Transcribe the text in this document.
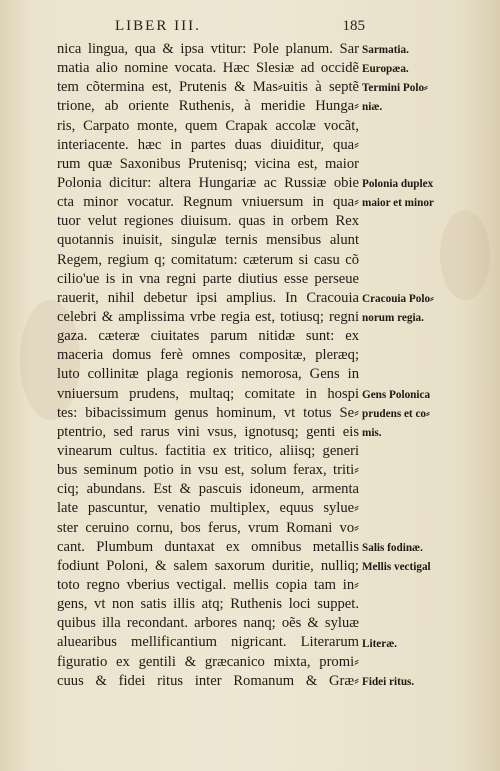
LIBER III.	185
nica lingua, qua & ipsa vtitur: Pole planum. Sar
matia alio nomine vocata. Hæc Slesiæ ad occidẽ
tem cõtermina est, Prutenis & Mas⸗uitis à septẽ
trione, ab oriente Ruthenis, à meridie Hunga⸗
ris, Carpato monte, quem Crapak accolæ vocãt,
interiacente. hæc in partes duas diuiditur, qua⸗
rum quæ Saxonibus Prutenisq; vicina est, maior
Polonia dicitur: altera Hungariæ ac Russiæ obie
cta minor vocatur. Regnum vniuersum in qua⸗
tuor velut regiones diuisum. quas in orbem Rex
quotannis inuisit, singulæ ternis mensibus alunt
Regem, regium q; comitatum: cæterum si casu cõ
cilio'ue is in vna regni parte diutius esse perseue
rauerit, nihil debetur ipsi amplius. In Cracouia
celebri & amplissima vrbe regia est, totiusq; regni
gaza. cæteræ ciuitates parum nitidæ sunt: ex
maceria domus ferè omnes compositæ, pleræq;
luto collinitæ plaga regionis nemorosa, Gens in
vniuersum prudens, multaq; comitate in hospi
tes: bibacissimum genus hominum, vt totus Se⸗
ptentrio, sed rarus vini vsus, ignotusq; genti eis
vinearum cultus. factitia ex tritico, aliisq; generi
bus seminum potio in vsu est, solum ferax, triti⸗
ciq; abundans. Est & pascuis idoneum, armenta
late pascuntur, venatio multiplex, equus sylue⸗
ster ceruino cornu, bos ferus, vrum Romani vo⸗
cant. Plumbum duntaxat ex omnibus metallis
fodiunt Poloni, & salem saxorum duritie, nulliq;
toto regno vberius vectigal. mellis copia tam in⸗
gens, vt non satis illis atq; Ruthenis loci suppet.
quibus illa recondant. arbores nanq; oẽs & syluæ
aluearibus mellificantium nigricant. Literarum
figuratio ex gentili & græcanico mixta, promi⸗
cuus & fidei ritus inter Romanum & Græ⸗
Sarmatia.
Europæa.
Termini Polo⸗
niæ.
Polonia duplex
maior et minor
Cracouia Polo⸗
norum regia.
Gens Polonica
prudens et co⸗
mis.
Salis fodinæ.
Mellis vectigal
Literæ.
Fidei ritus.
